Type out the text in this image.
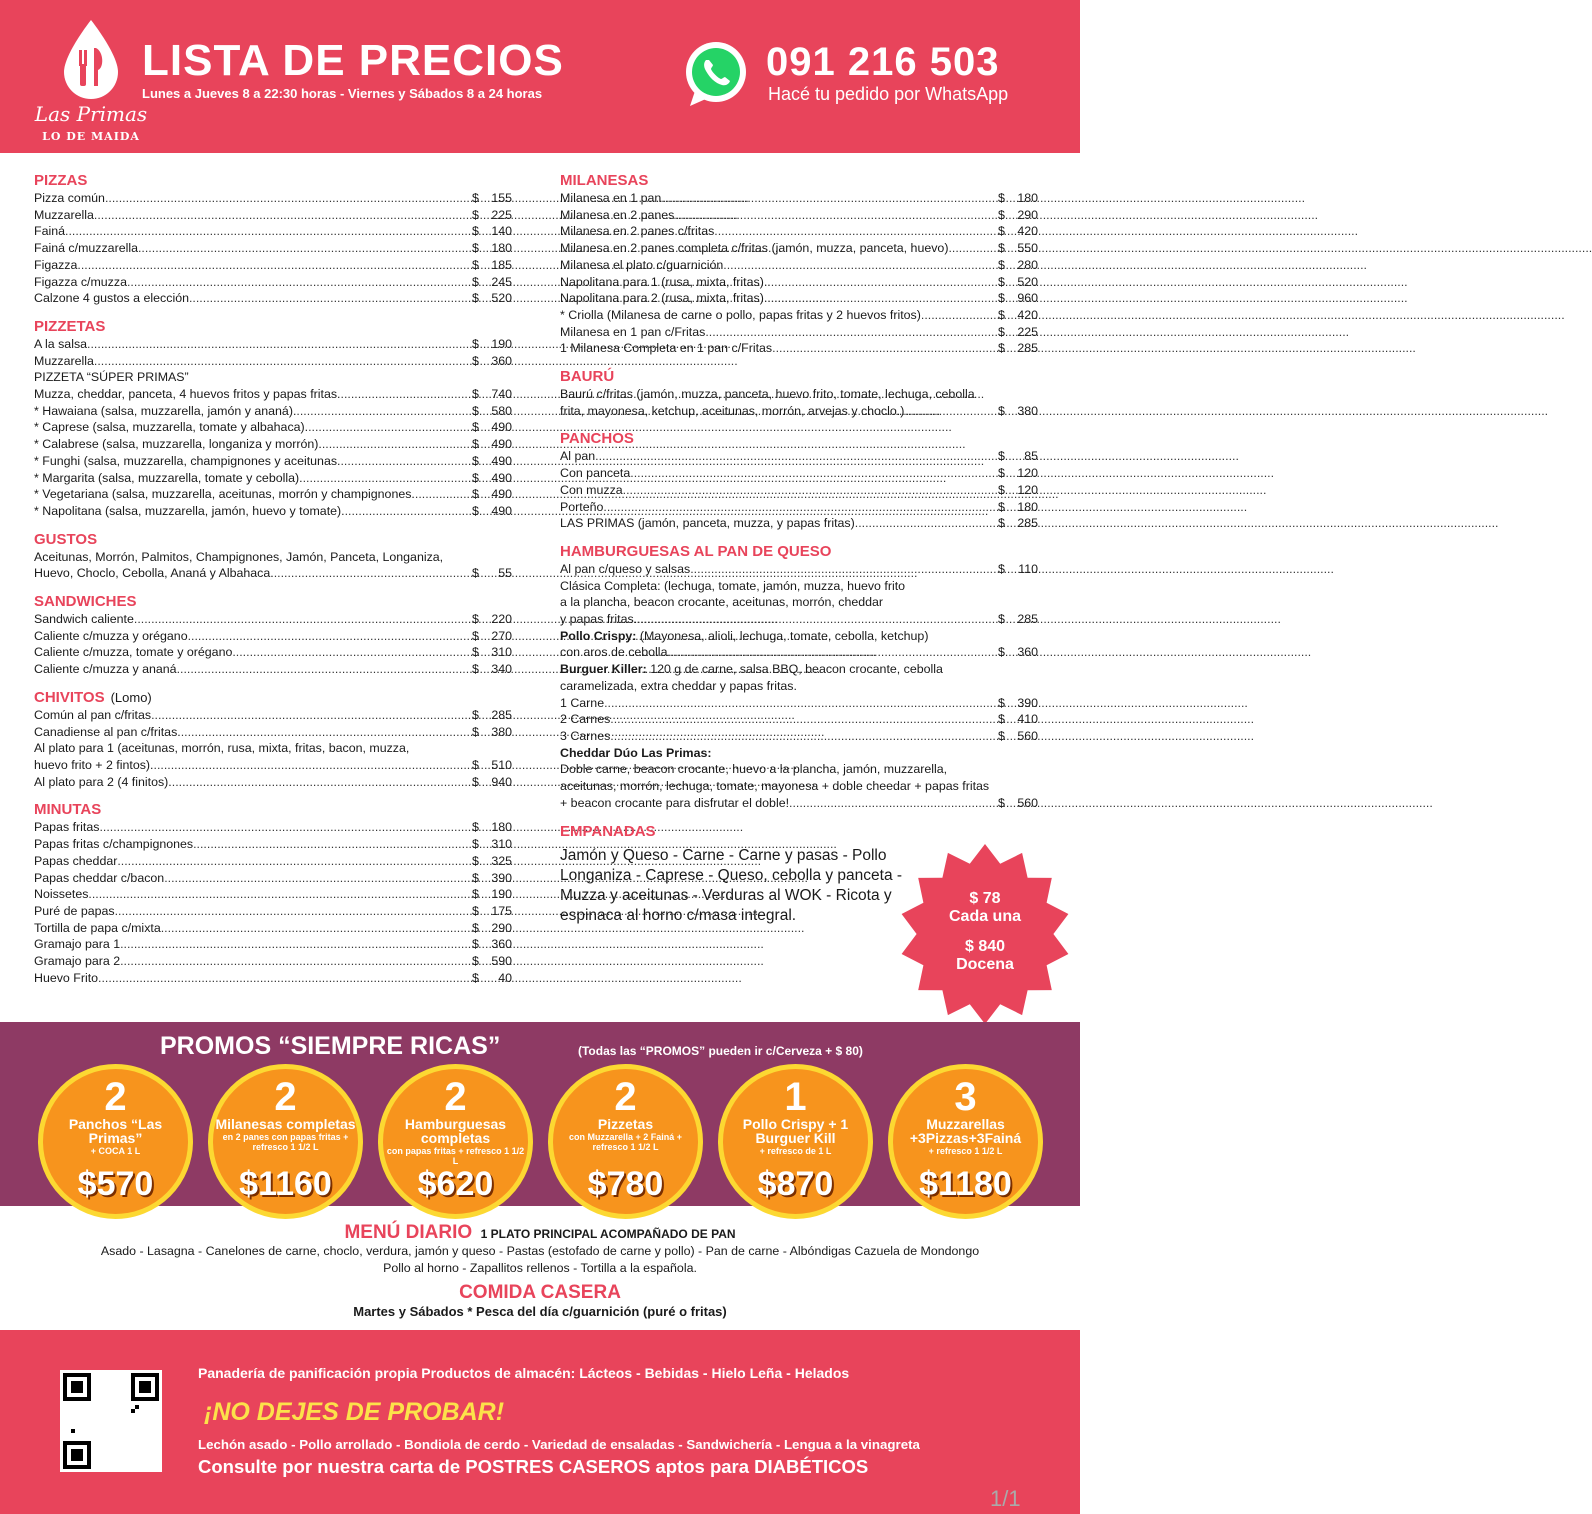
Las Primas
LO DE MAIDA
LISTA DE PRECIOS
Lunes a Jueves 8 a 22:30 horas - Viernes y Sábados 8 a 24 horas
091 216 503
Hacé tu pedido por WhatsApp
PIZZAS
Pizza común .....	$ 155
Muzzarella .....	$ 225
Fainá .....	$ 140
Fainá c/muzzarella .....	$ 180
Figazza .....	$ 185
Figazza c/muzza .....	$ 245
Calzone 4 gustos a elección .....	$ 520
PIZZETAS
A la salsa .....	$ 190
Muzzarella .....	$ 360
PIZZETA “SÚPER PRIMAS”
Muzza, cheddar, panceta, 4 huevos fritos y papas fritas. .....	$ 740
* Hawaiana (salsa, muzzarella, jamón y ananá). .....	$ 580
* Caprese (salsa, muzzarella, tomate y albahaca). .....	$ 490
* Calabrese (salsa, muzzarella, longaniza y morrón). .....	$ 490
* Funghi (salsa, muzzarella, champignones y aceitunas. .....	$ 490
* Margarita (salsa, muzzarella, tomate y cebolla). .....	$ 490
* Vegetariana (salsa, muzzarella, aceitunas, morrón y champignones. .....	$ 490
* Napolitana (salsa, muzzarella, jamón, huevo y tomate). .....	$ 490
GUSTOS
Aceitunas, Morrón, Palmitos, Champignones, Jamón, Panceta, Longaniza,
Huevo, Choclo, Cebolla, Ananá y Albahaca. .....	$ 55
SANDWICHES
Sandwich caliente .....	$ 220
Caliente c/muzza y orégano .....	$ 270
Caliente c/muzza, tomate y orégano .....	$ 310
Caliente c/muzza y ananá .....	$ 340
CHIVITOS (Lomo)
Común al pan c/fritas .....	$ 285
Canadiense al pan c/fritas. .....	$ 380
Al plato para 1 (aceitunas, morrón, rusa, mixta, fritas, bacon, muzza,
huevo frito + 2 fintos). .....	$ 510
Al plato para 2 (4 finitos). .....	$ 940
MINUTAS
Papas fritas .....	$ 180
Papas fritas c/champignones .....	$ 310
Papas cheddar .....	$ 325
Papas cheddar c/bacon .....	$ 390
Noissetes .....	$ 190
Puré de papas .....	$ 175
Tortilla de papa c/mixta .....	$ 290
Gramajo para 1 .....	$ 360
Gramajo para 2 .....	$ 590
Huevo Frito .....	$ 40
MILANESAS
Milanesa en 1 pan .....	$ 180
Milanesa en 2 panes .....	$ 290
Milanesa en 2 panes c/fritas .....	$ 420
Milanesa en 2 panes completa c/fritas (jamón, muzza, panceta, huevo) .....	$ 550
Milanesa el plato c/guarnición .....	$ 280
Napolitana para 1 (rusa, mixta, fritas) .....	$ 520
Napolitana para 2 (rusa, mixta, fritas) .....	$ 960
* Criolla (Milanesa de carne o pollo, papas fritas y 2 huevos fritos) .....	$ 420
Milanesa en 1 pan c/Fritas .....	$ 225
1 Milanesa Completa en 1 pan c/Fritas .....	$ 285
BAURÚ
Baurú c/fritas (jamón, muzza, panceta, huevo frito, tomate, lechuga, cebolla
frita, mayonesa, ketchup, aceitunas, morrón, arvejas y choclo.) .....	$ 380
PANCHOS
Al pan .....	$ 85
Con panceta .....	$ 120
Con muzza .....	$ 120
Porteño .....	$ 180
LAS PRIMAS (jamón, panceta, muzza, y papas fritas) .....	$ 285
HAMBURGUESAS AL PAN DE QUESO
Al pan c/queso y salsas .....	$ 110
Clásica Completa: (lechuga, tomate, jamón, muzza, huevo frito
a la plancha, beacon crocante, aceitunas, morrón, cheddar
y papas fritas. .....	$ 285
Pollo Crispy: (Mayonesa, alioli, lechuga, tomate, cebolla, ketchup)
con aros de cebolla .....	$ 360
Burguer Killer: 120 g de carne, salsa BBQ, beacon crocante, cebolla
caramelizada, extra cheddar y papas fritas.
1 Carne .....	$ 390
2 Carnes .....	$ 410
3 Carnes .....	$ 560
Cheddar Dúo Las Primas:
Doble carne, beacon crocante, huevo a la plancha, jamón, muzzarella,
aceitunas, morrón, lechuga, tomate, mayonesa + doble cheedar + papas fritas
+ beacon crocante para disfrutar el doble! .....	$ 560
EMPANADAS
Jamón y Queso - Carne - Carne y pasas - Pollo
Longaniza - Caprese - Queso, cebolla y panceta -
Muzza y aceitunas - Verduras al WOK - Ricota y
espinaca al horno c/masa integral.
$ 78
Cada una
$ 840
Docena
PROMOS “SIEMPRE RICAS”	(Todas las “PROMOS” pueden ir c/Cerveza + $ 80)
2
Panchos “Las Primas”
+ COCA 1 L
$570
2
Milanesas completas
en 2 panes con papas fritas + refresco 1 1/2 L
$1160
2
Hamburguesas completas
con papas fritas + refresco 1 1/2 L
$620
2
Pizzetas
con Muzzarella + 2 Fainá + refresco 1 1/2 L
$780
1
Pollo Crispy + 1 Burguer Kill
+ refresco de 1 L
$870
3
Muzzarellas +3Pizzas+3Fainá
+ refresco 1 1/2 L
$1180
MENÚ DIARIO 1 PLATO PRINCIPAL ACOMPAÑADO DE PAN
Asado - Lasagna - Canelones de carne, choclo, verdura, jamón y queso - Pastas (estofado de carne y pollo) - Pan de carne - Albóndigas Cazuela de Mondongo
Pollo al horno - Zapallitos rellenos - Tortilla a la española.
COMIDA CASERA
Martes y Sábados * Pesca del día c/guarnición (puré o fritas)
Panadería de panificación propia Productos de almacén: Lácteos - Bebidas - Hielo Leña - Helados
¡NO DEJES DE PROBAR!
Lechón asado - Pollo arrollado - Bondiola de cerdo - Variedad de ensaladas - Sandwichería - Lengua a la vinagreta
Consulte por nuestra carta de POSTRES CASEROS aptos para DIABÉTICOS
1/1
